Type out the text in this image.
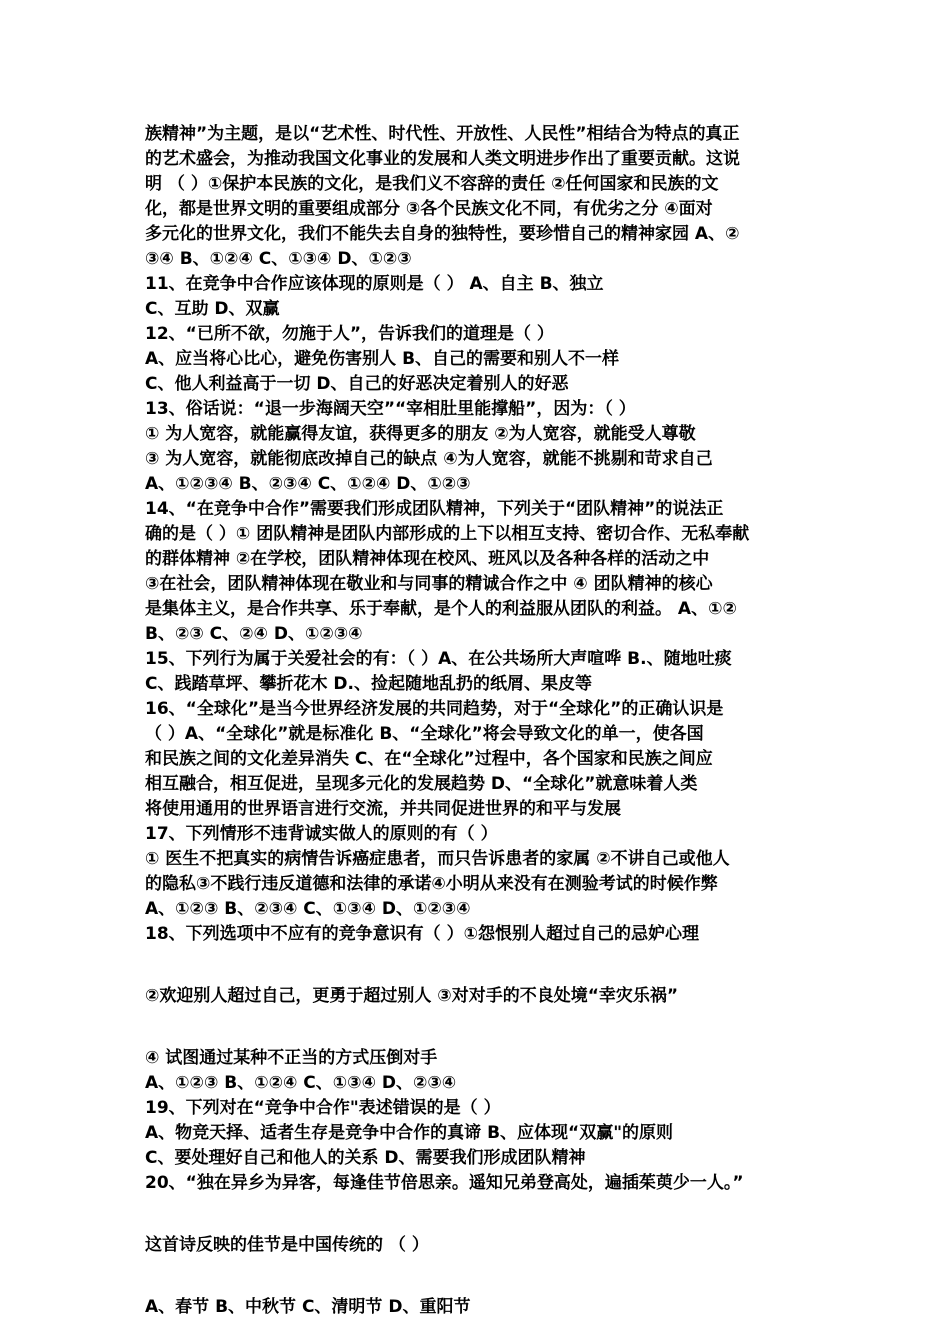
族精神”为主题，是以“艺术性、时代性、开放性、人民性”相结合为特点的真正
的艺术盛会，为推动我国文化事业的发展和人类文明进步作出了重要贡献。这说
明 （ ）①保护本民族的文化，是我们义不容辞的责任 ②任何国家和民族的文
化，都是世界文明的重要组成部分 ③各个民族文化不同，有优劣之分 ④面对
多元化的世界文化，我们不能失去自身的独特性，要珍惜自己的精神家园 A、②
③④ B、①②④ C、①③④ D、①②③
11、在竞争中合作应该体现的原则是（ ） A、自主 B、独立
C、互助 D、双赢
12、“已所不欲，勿施于人”，告诉我们的道理是（ ）
A、应当将心比心，避免伤害别人 B、自己的需要和别人不一样
C、他人利益高于一切 D、自己的好恶决定着别人的好恶
13、俗话说：“退一步海阔天空”“宰相肚里能撑船”，因为：（ ）
① 为人宽容，就能赢得友谊，获得更多的朋友 ②为人宽容，就能受人尊敬
③ 为人宽容，就能彻底改掉自己的缺点 ④为人宽容，就能不挑剔和苛求自己
A、①②③④ B、②③④ C、①②④ D、①②③
14、“在竞争中合作”需要我们形成团队精神，下列关于“团队精神”的说法正
确的是（ ）① 团队精神是团队内部形成的上下以相互支持、密切合作、无私奉献
的群体精神 ②在学校，团队精神体现在校风、班风以及各种各样的活动之中
③在社会，团队精神体现在敬业和与同事的精诚合作之中 ④ 团队精神的核心
是集体主义，是合作共享、乐于奉献，是个人的利益服从团队的利益。 A、①②
B、②③ C、②④ D、①②③④
15、下列行为属于关爱社会的有：（ ）A、在公共场所大声喧哗 B.、随地吐痰
C、践踏草坪、攀折花木 D.、捡起随地乱扔的纸屑、果皮等
16、“全球化”是当今世界经济发展的共同趋势，对于“全球化”的正确认识是
（ ）A、“全球化”就是标准化 B、“全球化”将会导致文化的单一，使各国
和民族之间的文化差异消失 C、在“全球化”过程中，各个国家和民族之间应
相互融合，相互促进，呈现多元化的发展趋势 D、“全球化”就意味着人类
将使用通用的世界语言进行交流，并共同促进世界的和平与发展
17、下列情形不违背诚实做人的原则的有（ ）
① 医生不把真实的病情告诉癌症患者，而只告诉患者的家属 ②不讲自己或他人
的隐私③不践行违反道德和法律的承诺④小明从来没有在测验考试的时候作弊
A、①②③ B、②③④ C、①③④ D、①②③④
18、下列选项中不应有的竞争意识有（ ）①怨恨别人超过自己的忌妒心理
②欢迎别人超过自己，更勇于超过别人 ③对对手的不良处境“幸灾乐祸”
④ 试图通过某种不正当的方式压倒对手
A、①②③ B、①②④ C、①③④ D、②③④
19、下列对在“竞争中合作"表述错误的是（ ）
A、物竞天择、适者生存是竞争中合作的真谛 B、应体现“双赢"的原则
C、要处理好自己和他人的关系 D、需要我们形成团队精神
20、“独在异乡为异客，每逢佳节倍思亲。遥知兄弟登高处，遍插茱萸少一人。”
这首诗反映的佳节是中国传统的 （ ）
A、春节 B、中秋节 C、清明节 D、重阳节
